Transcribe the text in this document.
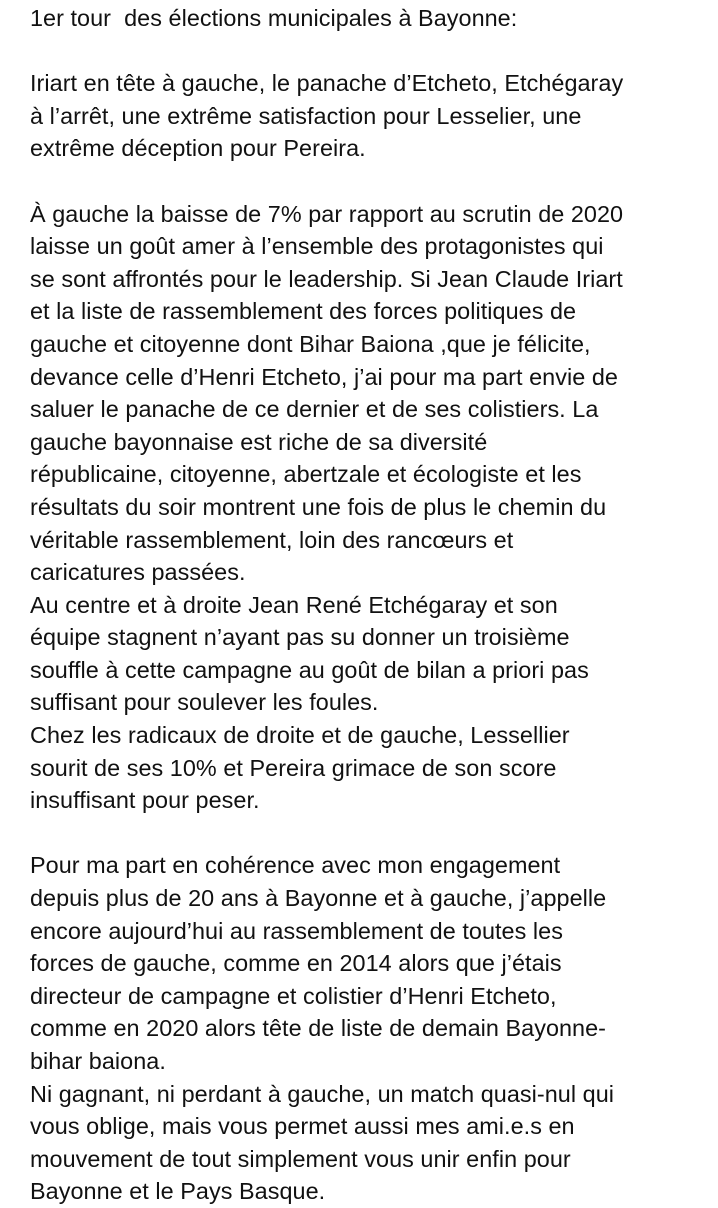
1er tour  des élections municipales à Bayonne:
Iriart en tête à gauche, le panache d’Etcheto, Etchégaray
à l’arrêt, une extrême satisfaction pour Lesselier, une
extrême déception pour Pereira.
À gauche la baisse de 7% par rapport au scrutin de 2020
laisse un goût amer à l’ensemble des protagonistes qui
se sont affrontés pour le leadership. Si Jean Claude Iriart
et la liste de rassemblement des forces politiques de
gauche et citoyenne dont Bihar Baiona ,que je félicite,
devance celle d’Henri Etcheto, j’ai pour ma part envie de
saluer le panache de ce dernier et de ses colistiers. La
gauche bayonnaise est riche de sa diversité
républicaine, citoyenne, abertzale et écologiste et les
résultats du soir montrent une fois de plus le chemin du
véritable rassemblement, loin des rancœurs et
caricatures passées.
Au centre et à droite Jean René Etchégaray et son
équipe stagnent n’ayant pas su donner un troisième
souffle à cette campagne au goût de bilan a priori pas
suffisant pour soulever les foules.
Chez les radicaux de droite et de gauche, Lessellier
sourit de ses 10% et Pereira grimace de son score
insuffisant pour peser.
Pour ma part en cohérence avec mon engagement
depuis plus de 20 ans à Bayonne et à gauche, j’appelle
encore aujourd’hui au rassemblement de toutes les
forces de gauche, comme en 2014 alors que j’étais
directeur de campagne et colistier d’Henri Etcheto,
comme en 2020 alors tête de liste de demain Bayonne-
bihar baiona.
Ni gagnant, ni perdant à gauche, un match quasi-nul qui
vous oblige, mais vous permet aussi mes ami.e.s en
mouvement de tout simplement vous unir enfin pour
Bayonne et le Pays Basque.
